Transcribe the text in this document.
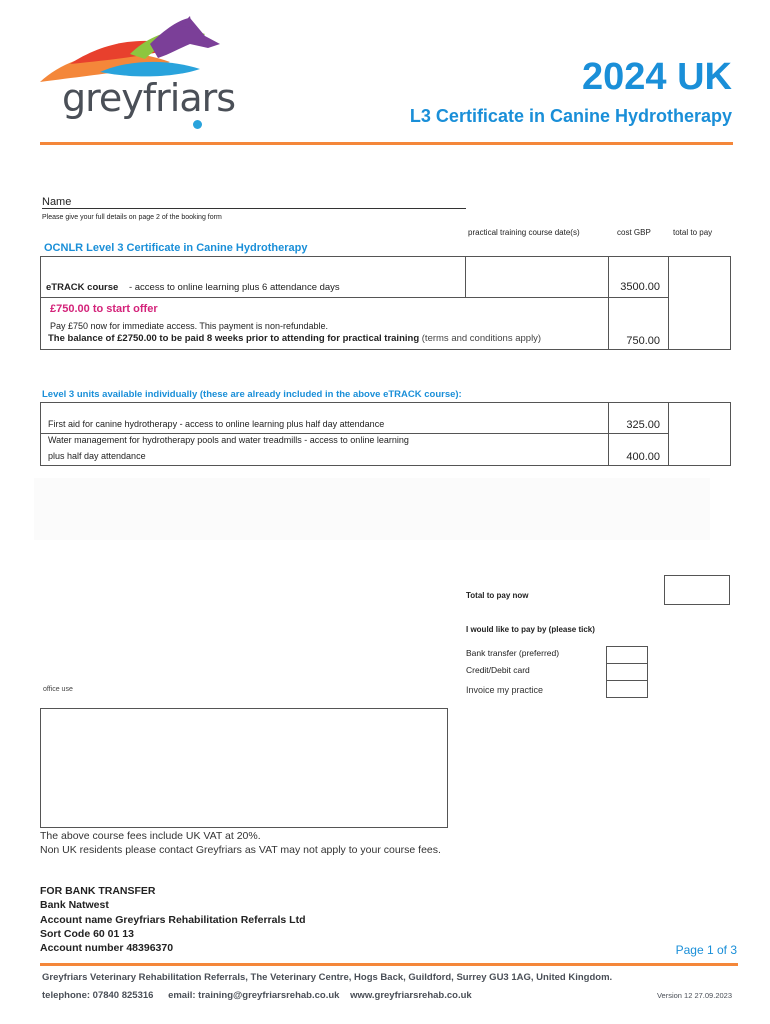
greyfriars	2024 UK
L3 Certificate in Canine Hydrotherapy
Name
Please give your full details on page 2 of the booking form
practical training course date(s)	cost GBP	total to pay
OCNLR Level 3 Certificate in Canine Hydrotherapy
eTRACK course - access to online learning plus 6 attendance days	3500.00
£750.00 to start offer
Pay £750 now for immediate access. This payment is non-refundable.
The balance of £2750.00 to be paid 8 weeks prior to attending for practical training (terms and conditions apply)	750.00
Level 3 units available individually (these are already included in the above eTRACK course):
First aid for canine hydrotherapy - access to online learning plus half day attendance	325.00
Water management for hydrotherapy pools and water treadmills - access to online learning
plus half day attendance	400.00
Total to pay now
I would like to pay by (please tick)
Bank transfer (preferred)
Credit/Debit card
Invoice my practice
office use
The above course fees include UK VAT at 20%.
Non UK residents please contact Greyfriars as VAT may not apply to your course fees.
FOR BANK TRANSFER
Bank Natwest
Account name Greyfriars Rehabilitation Referrals Ltd
Sort Code 60 01 13
Account number 48396370	Page 1 of 3
Greyfriars Veterinary Rehabilitation Referrals, The Veterinary Centre, Hogs Back, Guildford, Surrey GU3 1AG, United Kingdom.
telephone: 07840 825316 email: training@greyfriarsrehab.co.uk www.greyfriarsrehab.co.uk	Version 12 27.09.2023
